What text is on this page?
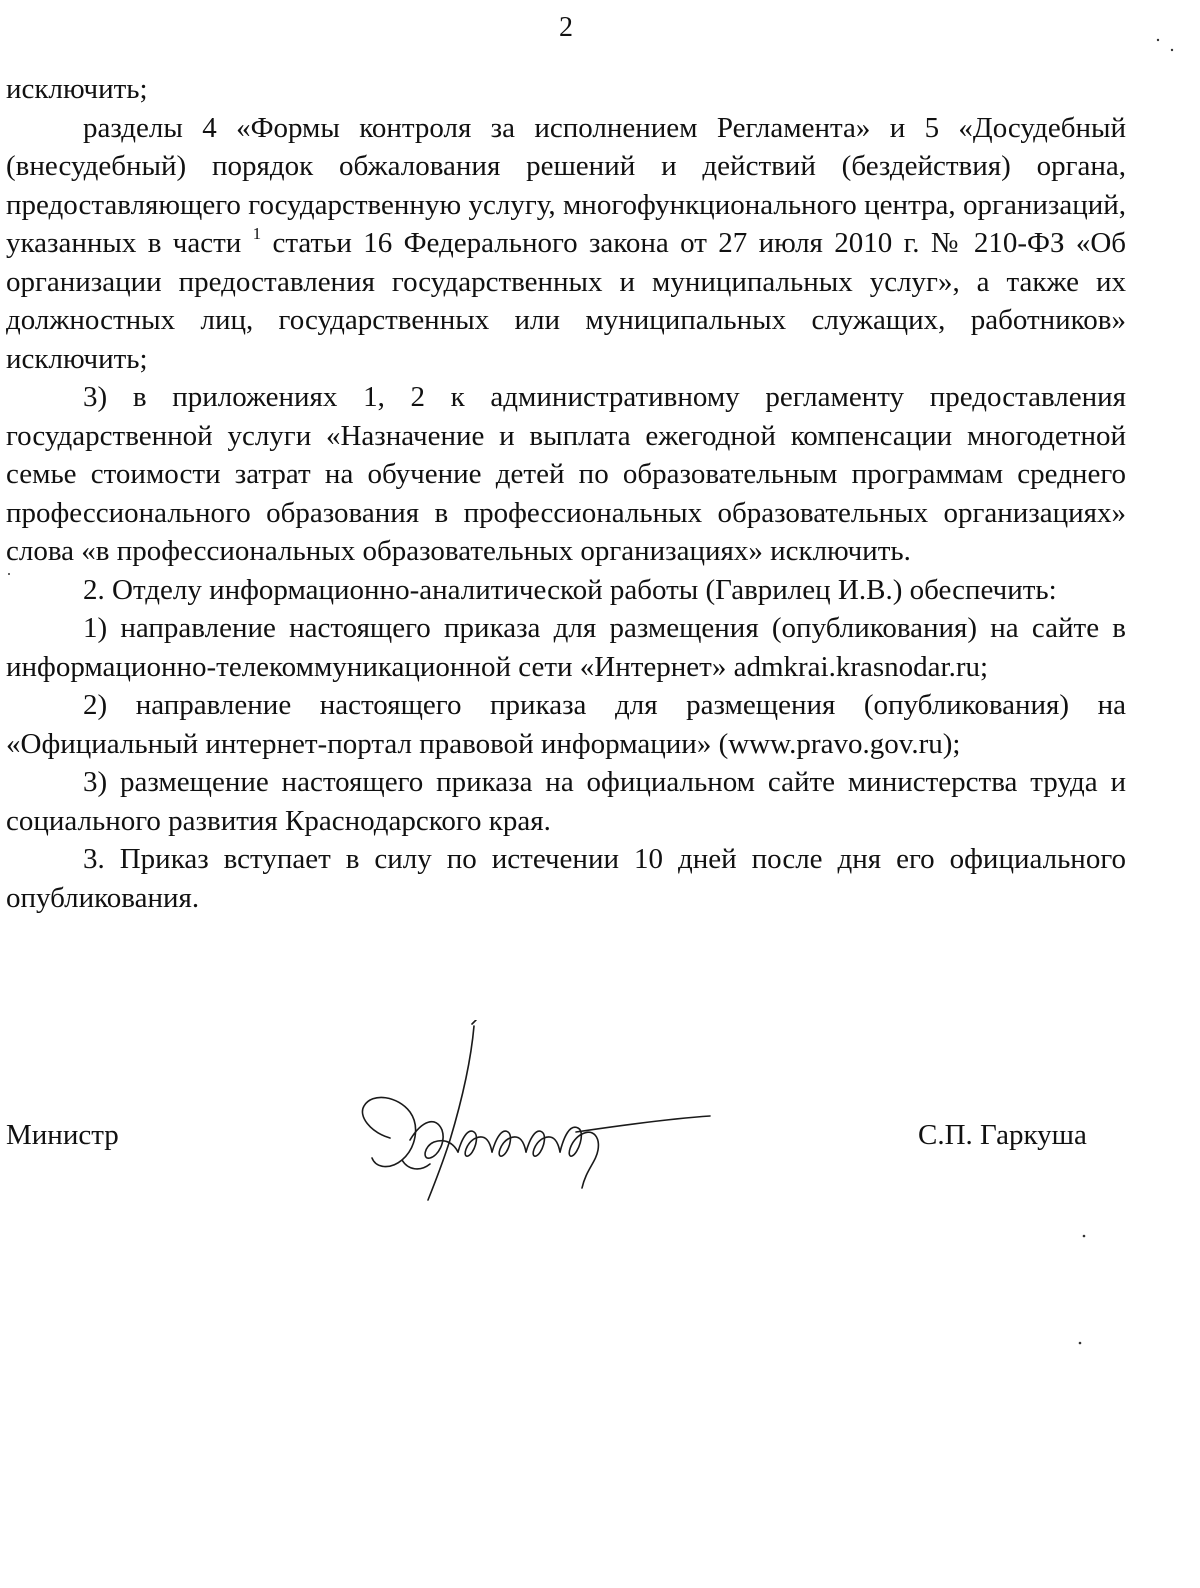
2

исключить;

разделы 4 «Формы контроля за исполнением Регламента» и 5 «Досудебный (внесудебный) порядок обжалования решений и действий (бездействия) органа, предоставляющего государственную услугу, многофункционального центра, организаций, указанных в части $^1$ статьи 16 Федерального закона от 27 июля 2010 г. № 210-ФЗ «Об организации предоставления государственных и муниципальных услуг», а также их должностных лиц, государственных или муниципальных служащих, работников» исключить;

3) в приложениях 1, 2 к административному регламенту предоставления государственной услуги «Назначение и выплата ежегодной компенсации многодетной семье стоимости затрат на обучение детей по образовательным программам среднего профессионального образования в профессиональных образовательных организациях» слова «в профессиональных образовательных организациях» исключить.

2. Отделу информационно-аналитической работы (Гаврилец И.В.) обеспечить:

1) направление настоящего приказа для размещения (опубликования) на сайте в информационно-телекоммуникационной сети «Интернет» admkrai.krasnodar.ru;

2) направление настоящего приказа для размещения (опубликования) на «Официальный интернет-портал правовой информации» (www.pravo.gov.ru);

3) размещение настоящего приказа на официальном сайте министерства труда и социального развития Краснодарского края.

3. Приказ вступает в силу по истечении 10 дней после дня его официального опубликования.

Министр	С.П. Гаркуша
